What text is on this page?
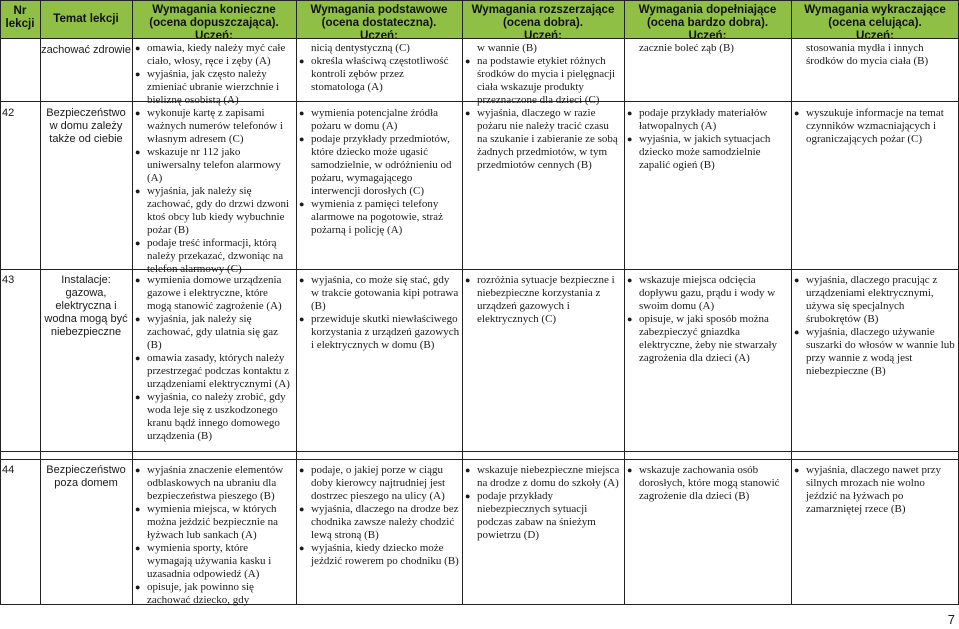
Nr lekcji	Temat lekcji
Wymagania konieczne (ocena dopuszczająca).
Uczeń:
Wymagania podstawowe (ocena dostateczna).
Uczeń:
Wymagania rozszerzające (ocena dobra).
Uczeń:
Wymagania dopełniające (ocena bardzo dobra).
Uczeń:
Wymagania wykraczające (ocena celująca).
Uczeń:
zachować zdrowie
●	omawia, kiedy należy myć całe ciało, włosy, ręce i zęby (A)
● wyjaśnia, jak często należy zmieniać ubranie wierzchnie i bieliznę osobistą (A)
nicią dentystyczną (C)
● określa właściwą częstotliwość kontroli zębów przez stomatologa (A)
w wannie (B)
● na podstawie etykiet różnych środków do mycia i pielęgnacji ciała wskazuje produkty przeznaczone dla dzieci (C)
zacznie boleć ząb (B)	stosowania mydła i innych środków do mycia ciała (B)
42	Bezpieczeństwo w domu zależy także od ciebie
● wykonuje kartę z zapisami ważnych numerów telefonów i własnym adresem (C)
● wskazuje nr 112 jako uniwersalny telefon alarmowy (A)
● wyjaśnia, jak należy się zachować, gdy do drzwi dzwoni ktoś obcy lub kiedy wybuchnie pożar (B)
● podaje treść informacji, którą należy przekazać, dzwoniąc na telefon alarmowy (C)
● wymienia potencjalne źródła pożaru w domu (A)
● podaje przykłady przedmiotów, które dziecko może ugasić samodzielnie, w odróżnieniu od pożaru, wymagającego interwencji dorosłych (C)
● wymienia z pamięci telefony alarmowe na pogotowie, straż pożarną i policję (A)
● wyjaśnia, dlaczego w razie pożaru nie należy tracić czasu na szukanie i zabieranie ze sobą żadnych przedmiotów, w tym przedmiotów cennych (B)
● podaje przykłady materiałów łatwopalnych (A)
● wyjaśnia, w jakich sytuacjach dziecko może samodzielnie zapalić ogień (B)
● wyszukuje informacje na temat czynników wzmacniających i ograniczających pożar (C)
43	Instalacje: gazowa, elektryczna i wodna mogą być niebezpieczne
● wymienia domowe urządzenia gazowe i elektryczne, które mogą stanowić zagrożenie (A)
● wyjaśnia, jak należy się zachować, gdy ulatnia się gaz (B)
● omawia zasady, których należy przestrzegać podczas kontaktu z urządzeniami elektrycznymi (A)
● wyjaśnia, co należy zrobić, gdy woda leje się z uszkodzonego kranu bądź innego domowego urządzenia (B)
● wyjaśnia, co może się stać, gdy w trakcie gotowania kipi potrawa (B)
● przewiduje skutki niewłaściwego korzystania z urządzeń gazowych i elektrycznych w domu (B)
● rozróżnia sytuacje bezpieczne i niebezpieczne korzystania z urządzeń gazowych i elektrycznych (C)
● wskazuje miejsca odcięcia dopływu gazu, prądu i wody w swoim domu (A)
● opisuje, w jaki sposób można zabezpieczyć gniazdka elektryczne, żeby nie stwarzały zagrożenia dla dzieci (A)
● wyjaśnia, dlaczego pracując z urządzeniami elektrycznymi, używa się specjalnych śrubokrętów (B)
● wyjaśnia, dlaczego używanie suszarki do włosów w wannie lub przy wannie z wodą jest niebezpieczne (B)
44	Bezpieczeństwo poza domem
● wyjaśnia znaczenie elementów odblaskowych na ubraniu dla bezpieczeństwa pieszego (B)
● wymienia miejsca, w których można jeździć bezpiecznie na łyżwach lub sankach (A)
● wymienia sporty, które wymagają używania kasku i uzasadnia odpowiedź (A)
● opisuje, jak powinno się zachować dziecko, gdy
● podaje, o jakiej porze w ciągu doby kierowcy najtrudniej jest dostrzec pieszego na ulicy (A)
● wyjaśnia, dlaczego na drodze bez chodnika zawsze należy chodzić lewą stroną (B)
● wyjaśnia, kiedy dziecko może jeździć rowerem po chodniku (B)
● wskazuje niebezpieczne miejsca na drodze z domu do szkoły (A)
● podaje przykłady niebezpiecznych sytuacji podczas zabaw na śnieżym powietrzu (D)
● wskazuje zachowania osób dorosłych, które mogą stanowić zagrożenie dla dzieci (B)
● wyjaśnia, dlaczego nawet przy silnych mrozach nie wolno jeździć na łyżwach po zamarzniętej rzece (B)
7
